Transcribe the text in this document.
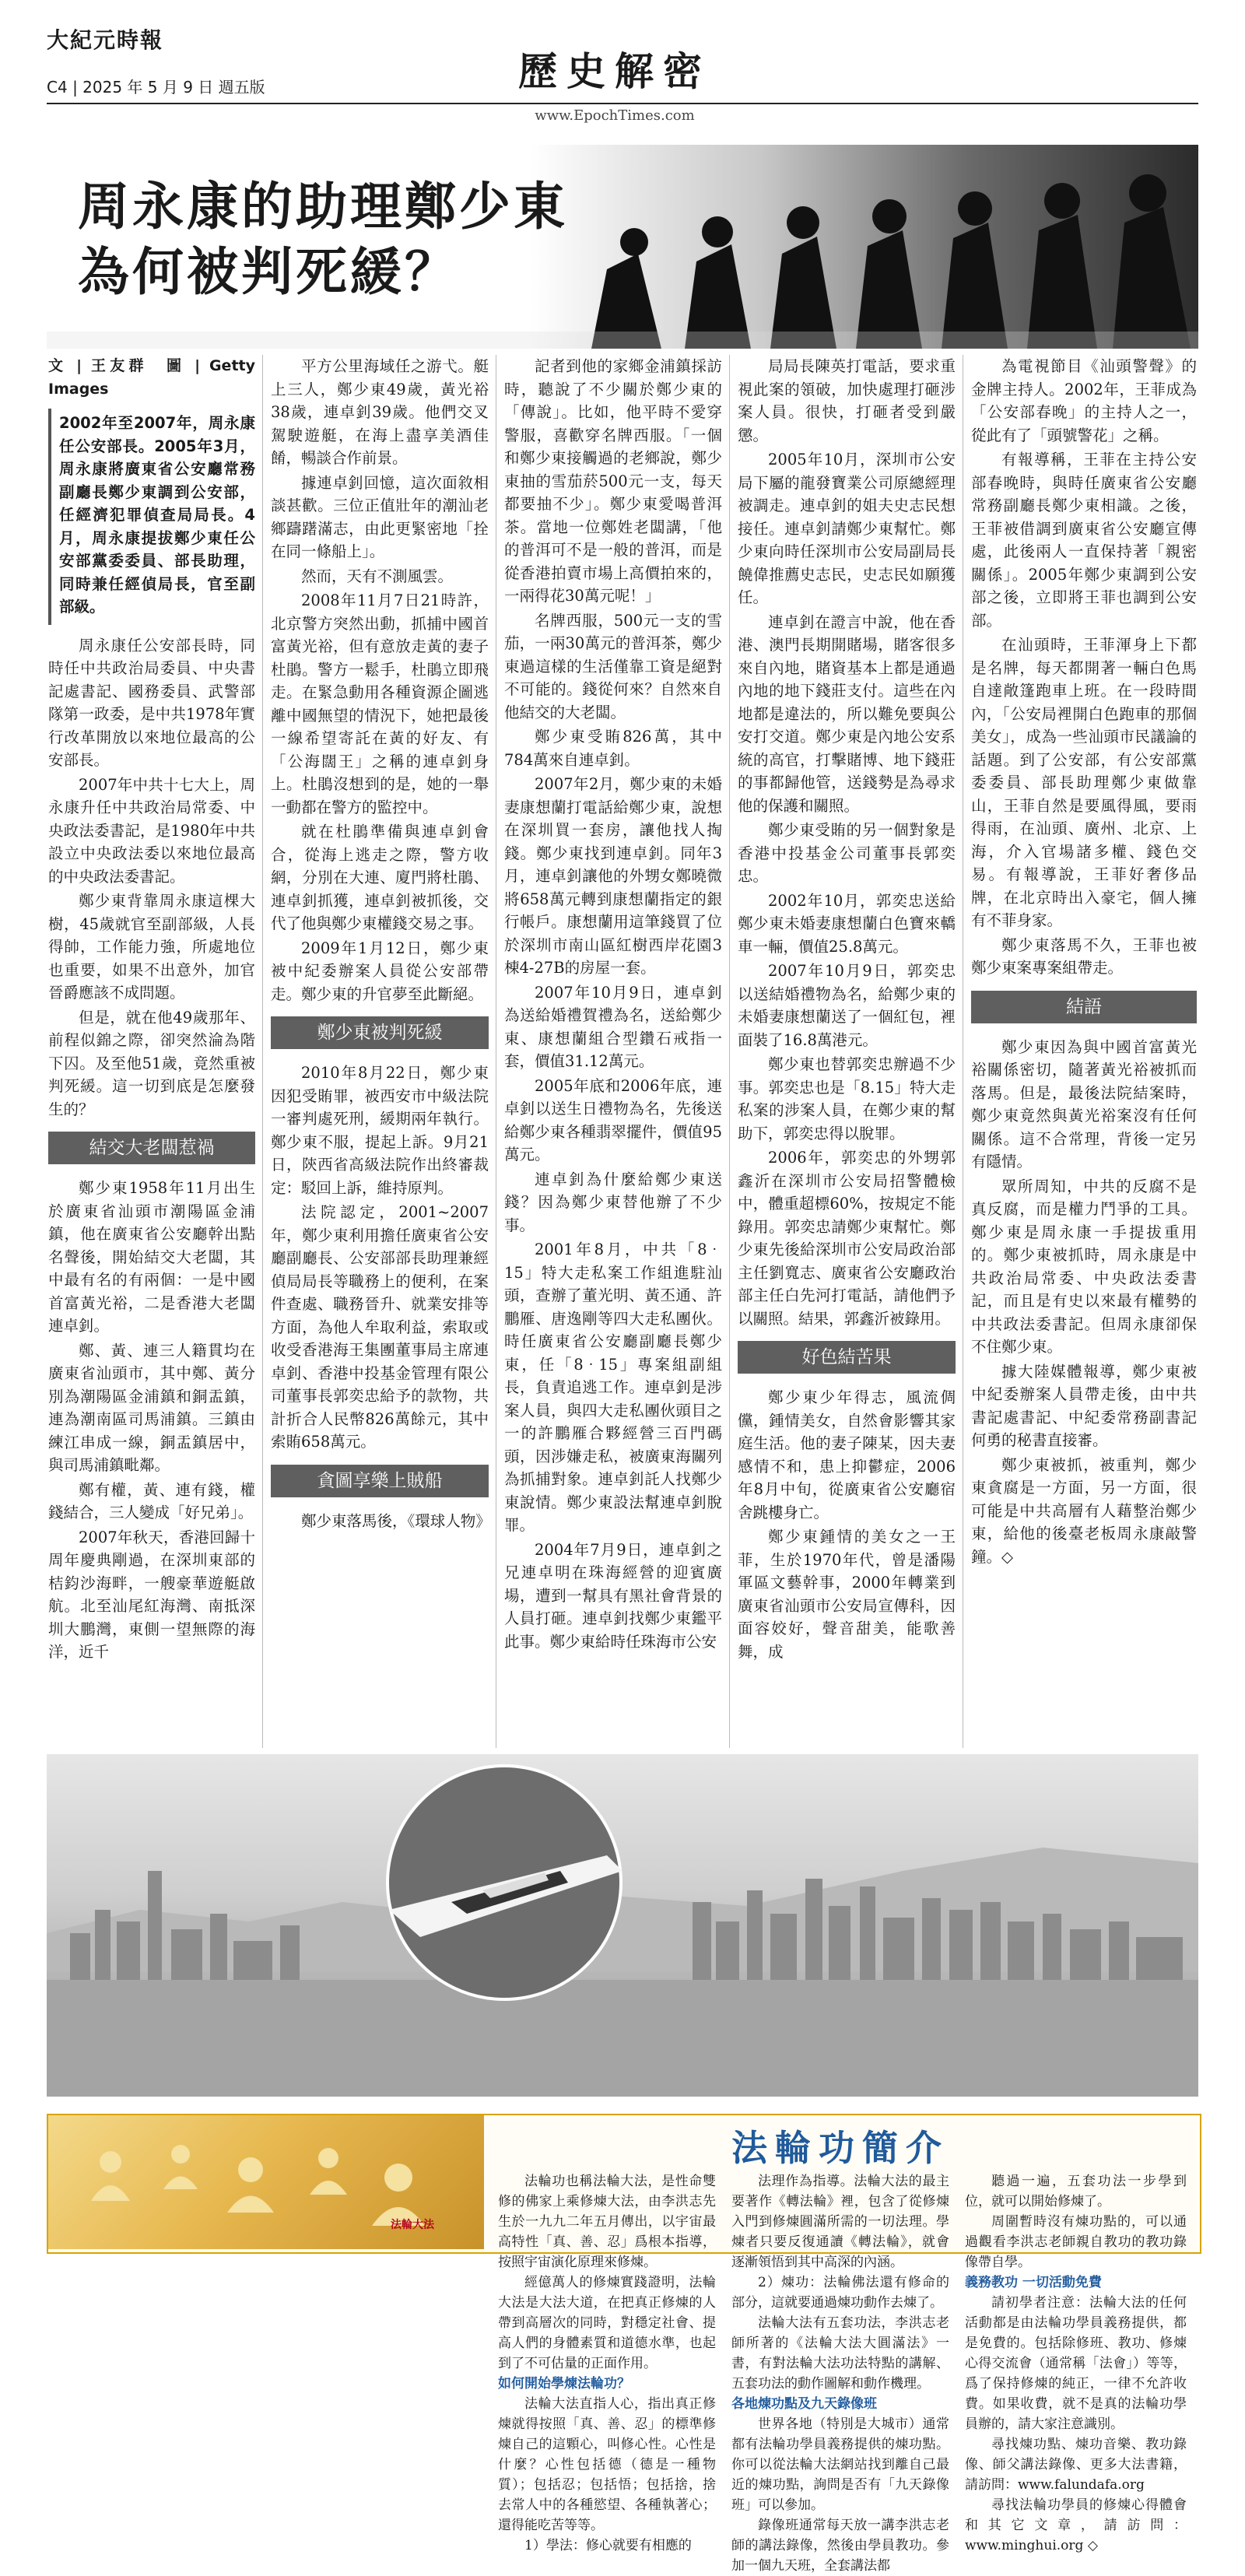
大紀元時報
C4 | 2025 年 5 月 9 日 週五版	歷史解密
www.EpochTimes.com
周永康的助理鄭少東
為何被判死緩？
文 | 王友群　圖 | Getty Images
2002年至2007年，周永康任公安部長。2005年3月，周永康將廣東省公安廳常務副廳長鄭少東調到公安部，任經濟犯罪偵查局局長。4月，周永康提拔鄭少東任公安部黨委委員、部長助理，同時兼任經偵局長，官至副部級。

周永康任公安部長時，同時任中共政治局委員、中央書記處書記、國務委員、武警部隊第一政委，是中共1978年實行改革開放以來地位最高的公安部長。

2007年中共十七大上，周永康升任中共政治局常委、中央政法委書記，是1980年中共設立中央政法委以來地位最高的中央政法委書記。

鄭少東背靠周永康這棵大樹，45歲就官至副部級，人長得帥，工作能力強，所處地位也重要，如果不出意外，加官晉爵應該不成問題。

但是，就在他49歲那年、前程似錦之際，卻突然淪為階下囚。及至他51歲，竟然重被判死緩。這一切到底是怎麼發生的？

結交大老闆惹禍

鄭少東1958年11月出生於廣東省汕頭市潮陽區金浦鎮，他在廣東省公安廳幹出點名聲後，開始結交大老闆，其中最有名的有兩個：一是中國首富黃光裕，二是香港大老闆連卓釗。

鄭、黃、連三人籍貫均在廣東省汕頭市，其中鄭、黃分別為潮陽區金浦鎮和銅盂鎮，連為潮南區司馬浦鎮。三鎮由練江串成一線，銅盂鎮居中，與司馬浦鎮毗鄰。

鄭有權，黃、連有錢，權錢結合，三人變成「好兄弟」。

2007年秋天，香港回歸十周年慶典剛過，在深圳東部的桔鈞沙海畔，一艘豪華遊艇啟航。北至汕尾紅海灣、南抵深圳大鵬灣，東側一望無際的海洋，近千

平方公里海域任之游弋。艇上三人，鄭少東49歲，黃光裕38歲，連卓釗39歲。他們交叉駕駛遊艇，在海上盡享美酒佳餚，暢談合作前景。

據連卓釗回憶，這次面敘相談甚歡。三位正值壯年的潮汕老鄉躊躇滿志，由此更緊密地「拴在同一條船上」。

然而，天有不測風雲。

2008年11月7日21時許，北京警方突然出動，抓捕中國首富黃光裕，但有意放走黃的妻子杜鵑。警方一鬆手，杜鵑立即飛走。在緊急動用各種資源企圖逃離中國無望的情況下，她把最後一線希望寄託在黃的好友、有「公海闊王」之稱的連卓釗身上。杜鵑沒想到的是，她的一舉一動都在警方的監控中。

就在杜鵑準備與連卓釗會合，從海上逃走之際，警方收網，分別在大連、廈門將杜鵑、連卓釗抓獲，連卓釗被抓後，交代了他與鄭少東權錢交易之事。

2009年1月12日，鄭少東被中紀委辦案人員從公安部帶走。鄭少東的升官夢至此斷絕。

鄭少東被判死緩

2010年8月22日，鄭少東因犯受賄罪，被西安市中級法院一審判處死刑，緩期兩年執行。鄭少東不服，提起上訴。9月21日，陝西省高級法院作出終審裁定：駁回上訴，維持原判。

法院認定，2001~2007年，鄭少東利用擔任廣東省公安廳副廳長、公安部部長助理兼經偵局局長等職務上的便利，在案件查處、職務晉升、就業安排等方面，為他人牟取利益，索取或收受香港海王集團董事局主席連卓釗、香港中投基金管理有限公司董事長郭奕忠給予的款物，共計折合人民幣826萬餘元，其中索賄658萬元。

貪圖享樂上賊船

鄭少東落馬後，《環球人物》

記者到他的家鄉金浦鎮採訪時，聽說了不少關於鄭少東的「傳說」。比如，他平時不愛穿警服，喜歡穿名牌西服。「一個和鄭少東接觸過的老鄉說，鄭少東抽的雪茄菸500元一支，每天都要抽不少」。鄭少東愛喝普洱茶。當地一位鄭姓老闆講，「他的普洱可不是一般的普洱，而是從香港拍賣市場上高價拍來的，一兩得花30萬元呢！」

名牌西服，500元一支的雪茄，一兩30萬元的普洱茶，鄭少東過這樣的生活僅靠工資是絕對不可能的。錢從何來？自然來自他結交的大老闆。

鄭少東受賄826萬，其中784萬來自連卓釗。

2007年2月，鄭少東的未婚妻康想蘭打電話給鄭少東，說想在深圳買一套房，讓他找人掏錢。鄭少東找到連卓釗。同年3月，連卓釗讓他的外甥女鄭曉微將658萬元轉到康想蘭指定的銀行帳戶。康想蘭用這筆錢買了位於深圳市南山區紅樹西岸花園3棟4-27B的房屋一套。

2007年10月9日，連卓釗為送給婚禮賀禮為名，送給鄭少東、康想蘭組合型鑽石戒指一套，價值31.12萬元。

2005年底和2006年底，連卓釗以送生日禮物為名，先後送給鄭少東各種翡翠擺件，價值95萬元。

連卓釗為什麼給鄭少東送錢？因為鄭少東替他辦了不少事。

2001年8月，中共「8‧15」特大走私案工作組進駐汕頭，查辦了董光明、黃丕通、許鵬雁、唐逸剛等四大走私團伙。時任廣東省公安廳副廳長鄭少東，任「8‧15」專案組副組長，負責追逃工作。連卓釗是涉案人員，與四大走私團伙頭目之一的許鵬雁合夥經營三百門碼頭，因涉嫌走私，被廣東海關列為抓捕對象。連卓釗託人找鄭少東說情。鄭少東設法幫連卓釗脫罪。

2004年7月9日，連卓釗之兄連卓明在珠海經營的迎賓廣場，遭到一幫具有黑社會背景的人員打砸。連卓釗找鄭少東鑑平此事。鄭少東給時任珠海市公安

局局長陳英打電話，要求重視此案的領破，加快處理打砸涉案人員。很快，打砸者受到嚴懲。

2005年10月，深圳市公安局下屬的龍發寶業公司原總經理被調走。連卓釗的姐夫史志民想接任。連卓釗請鄭少東幫忙。鄭少東向時任深圳市公安局副局長饒偉推薦史志民，史志民如願獲任。

連卓釗在證言中說，他在香港、澳門長期開賭場，賭客很多來自內地，賭資基本上都是通過內地的地下錢莊支付。這些在內地都是違法的，所以難免要與公安打交道。鄭少東是內地公安系統的高官，打擊賭博、地下錢莊的事都歸他管，送錢勢是為尋求他的保護和關照。

鄭少東受賄的另一個對象是香港中投基金公司董事長郭奕忠。

2002年10月，郭奕忠送給鄭少東未婚妻康想蘭白色寶來轎車一輛，價值25.8萬元。

2007年10月9日，郭奕忠以送結婚禮物為名，給鄭少東的未婚妻康想蘭送了一個紅包，裡面裝了16.8萬港元。

鄭少東也替郭奕忠辦過不少事。郭奕忠也是「8.15」特大走私案的涉案人員，在鄭少東的幫助下，郭奕忠得以脫罪。

2006年，郭奕忠的外甥郭鑫沂在深圳市公安局招警體檢中，體重超標60%，按規定不能錄用。郭奕忠請鄭少東幫忙。鄭少東先後給深圳市公安局政治部主任劉寬志、廣東省公安廳政治部主任白先河打電話，請他們予以關照。結果，郭鑫沂被錄用。

好色結苦果

鄭少東少年得志，風流倜儻，鍾情美女，自然會影響其家庭生活。他的妻子陳某，因夫妻感情不和，患上抑鬱症，2006年8月中旬，從廣東省公安廳宿舍跳樓身亡。

鄭少東鍾情的美女之一王菲，生於1970年代，曾是潘陽軍區文藝幹事，2000年轉業到廣東省汕頭市公安局宣傳科，因面容姣好，聲音甜美，能歌善舞，成

為電視節目《汕頭警聲》的金牌主持人。2002年，王菲成為「公安部春晚」的主持人之一，從此有了「頭號警花」之稱。

有報導稱，王菲在主持公安部春晚時，與時任廣東省公安廳常務副廳長鄭少東相識。之後，王菲被借調到廣東省公安廳宣傳處，此後兩人一直保持著「親密關係」。2005年鄭少東調到公安部之後，立即將王菲也調到公安部。

在汕頭時，王菲渾身上下都是名牌，每天都開著一輛白色馬自達敞篷跑車上班。在一段時間內，「公安局裡開白色跑車的那個美女」，成為一些汕頭市民議論的話題。到了公安部，有公安部黨委委員、部長助理鄭少東做靠山，王菲自然是要風得風，要雨得雨，在汕頭、廣州、北京、上海，介入官場諸多權、錢色交易。有報導說，王菲好奢侈品牌，在北京時出入豪宅，個人擁有不菲身家。

鄭少東落馬不久，王菲也被鄭少東案專案組帶走。

結語

鄭少東因為與中國首富黃光裕關係密切，隨著黃光裕被抓而落馬。但是，最後法院結案時，鄭少東竟然與黃光裕案沒有任何關係。這不合常理，背後一定另有隱情。

眾所周知，中共的反腐不是真反腐，而是權力鬥爭的工具。鄭少東是周永康一手提拔重用的。鄭少東被抓時，周永康是中共政治局常委、中央政法委書記，而且是有史以來最有權勢的中共政法委書記。但周永康卻保不住鄭少東。

據大陸媒體報導，鄭少東被中紀委辦案人員帶走後，由中共書記處書記、中紀委常務副書記何勇的秘書直接審。

鄭少東被抓，被重判，鄭少東貪腐是一方面，另一方面，很可能是中共高層有人藉整治鄭少東，給他的後臺老板周永康敲警鐘。◇

法輪大法
法輪功簡介

法輪功也稱法輪大法，是性命雙修的佛家上乘修煉大法，由李洪志先生於一九九二年五月傳出，以宇宙最高特性「真、善、忍」爲根本指導，按照宇宙演化原理來修煉。

經億萬人的修煉實踐證明，法輪大法是大法大道，在把真正修煉的人帶到高層次的同時，對穩定社會、提高人們的身體素質和道德水準，也起到了不可估量的正面作用。

如何開始學煉法輪功？

法輪大法直指人心，指出真正修煉就得按照「真、善、忍」的標準修煉自己的這顆心，叫修心性。心性是什麼？心性包括德（德是一種物質）；包括忍；包括悟；包括捨，捨去常人中的各種慾望、各種執著心；還得能吃苦等等。

1）學法：修心就要有相應的

法理作為指導。法輪大法的最主要著作《轉法輪》裡，包含了從修煉入門到修煉圓滿所需的一切法理。學煉者只要反復通讀《轉法輪》，就會逐漸領悟到其中高深的內涵。

2）煉功：法輪佛法還有修命的部分，這就要通過煉功動作去煉了。

法輪大法有五套功法，李洪志老師所著的《法輪大法大圓滿法》一書，有對法輪大法功法特點的講解、五套功法的動作圖解和動作機理。

各地煉功點及九天錄像班

世界各地（特別是大城市）通常都有法輪功學員義務提供的煉功點。你可以從法輪大法網站找到離自己最近的煉功點，詢問是否有「九天錄像班」可以參加。

錄像班通常每天放一講李洪志老師的講法錄像，然後由學員教功。參加一個九天班，全套講法都

聽過一遍，五套功法一步學到位，就可以開始修煉了。

周圍暫時沒有煉功點的，可以通過觀看李洪志老師親自教功的教功錄像帶自學。

義務教功 一切活動免費

請初學者注意：法輪大法的任何活動都是由法輪功學員義務提供，都是免費的。包括除修班、教功、修煉心得交流會（通常稱「法會」）等等，爲了保持修煉的純正，一律不允許收費。如果收費，就不是真的法輪功學員辦的，請大家注意識別。

尋找煉功點、煉功音樂、教功錄像、師父講法錄像、更多大法書籍，請訪問：www.falundafa.org

尋找法輪功學員的修煉心得體會和其它文章，請訪問：www.minghui.org ◇
